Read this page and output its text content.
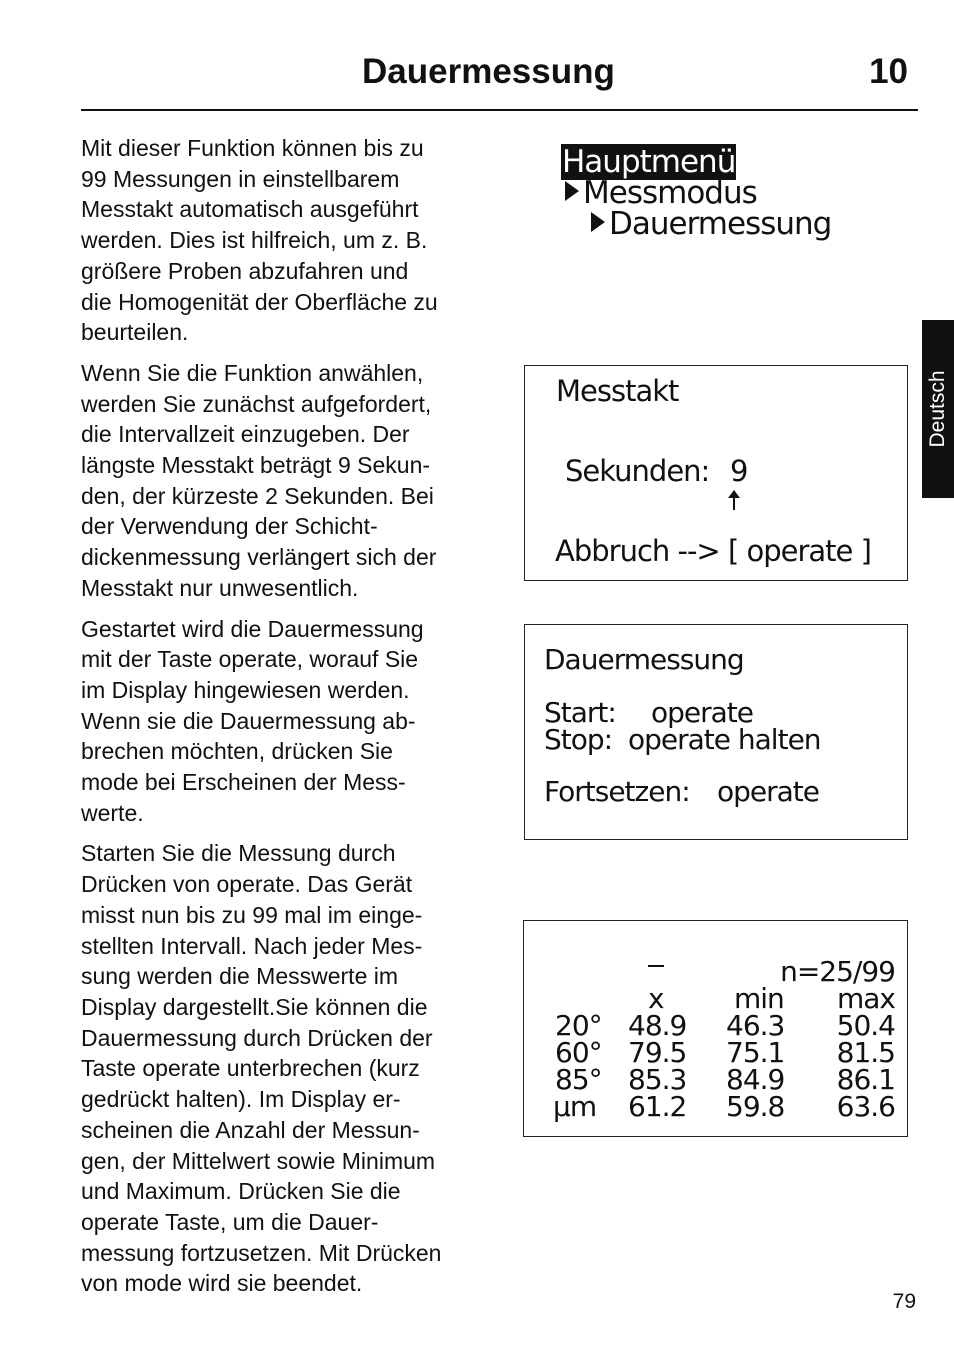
Dauermessung	10

Mit dieser Funktion können bis zu
99 Messungen in einstellbarem
Messtakt automatisch ausgeführt
werden. Dies ist hilfreich, um z. B.
größere Proben abzufahren und
die Homogenität der Oberfläche zu
beurteilen.

Wenn Sie die Funktion anwählen,
werden Sie zunächst aufgefordert,
die Intervallzeit einzugeben. Der
längste Messtakt beträgt 9 Sekun-
den, der kürzeste 2 Sekunden. Bei
der Verwendung der Schicht-
dickenmessung verlängert sich der
Messtakt nur unwesentlich.

Gestartet wird die Dauermessung
mit der Taste operate, worauf Sie
im Display hingewiesen werden.
Wenn sie die Dauermessung ab-
brechen möchten, drücken Sie
mode bei Erscheinen der Mess-
werte.

Starten Sie die Messung durch
Drücken von operate. Das Gerät
misst nun bis zu 99 mal im einge-
stellten Intervall. Nach jeder Mes-
sung werden die Messwerte im
Display dargestellt.Sie können die
Dauermessung durch Drücken der
Taste operate unterbrechen (kurz
gedrückt halten). Im Display er-
scheinen die Anzahl der Messun-
gen, der Mittelwert sowie Minimum
und Maximum. Drücken Sie die
operate Taste, um die Dauer-
messung fortzusetzen. Mit Drücken
von mode wird sie beendet.

Deutsch
Hauptmenü
Messmodus
Dauermessung
Messtakt
Sekunden: 9
Abbruch --> [ operate ]
Dauermessung
Start: operate
Stop: operate halten
Fortsetzen: operate
n=25/99
x	min max
20° 48.9 46.3 50.4
60° 79.5 75.1 81.5
85° 85.3 84.9 86.1
µm 61.2 59.8 63.6
79
